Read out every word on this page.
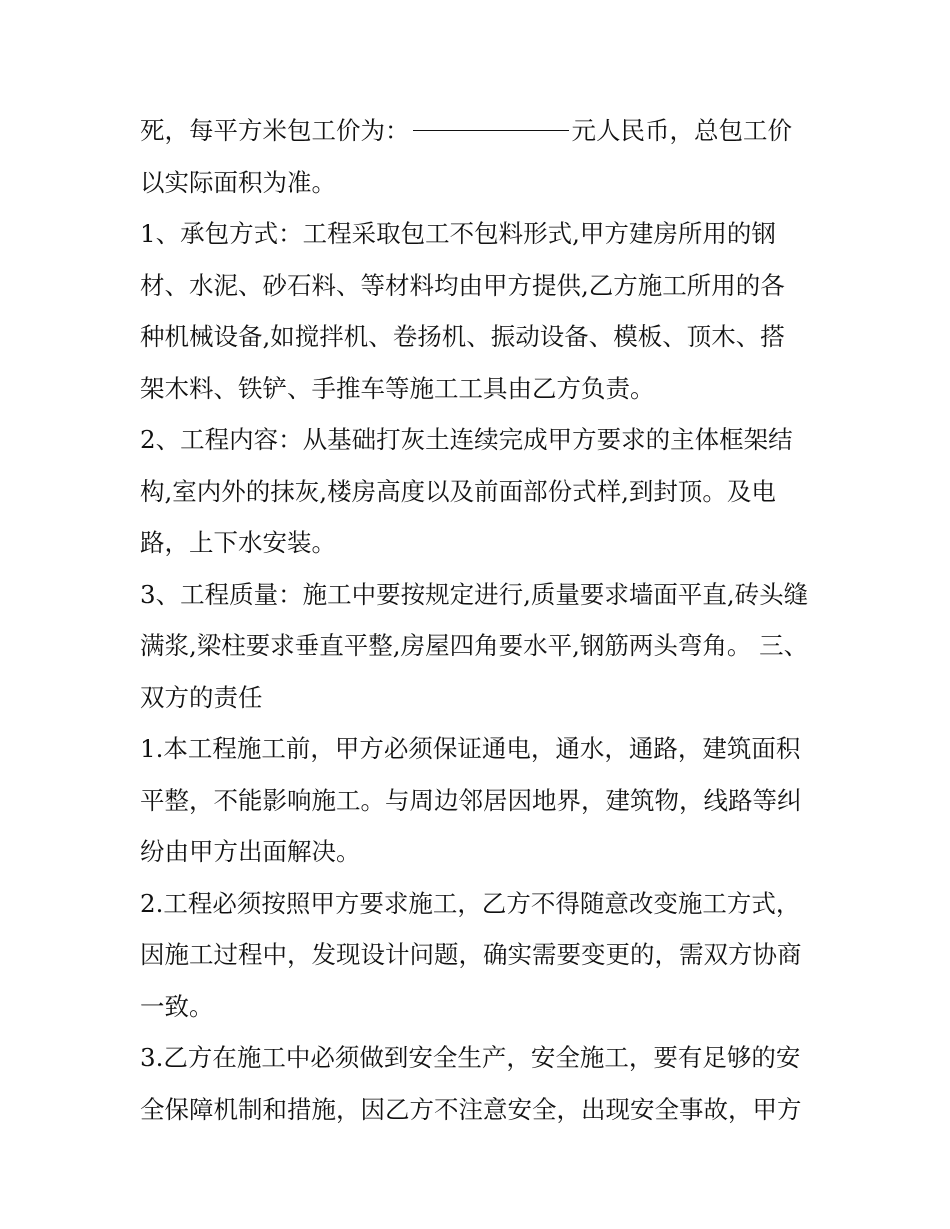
死，每平方米包工价为：	元人民币，总包工价
以实际面积为准。
1、承包方式：工程采取包工不包料形式,甲方建房所用的钢
材、水泥、砂石料、等材料均由甲方提供,乙方施工所用的各
种机械设备,如搅拌机、卷扬机、振动设备、模板、顶木、搭
架木料、铁铲、手推车等施工工具由乙方负责。
2、工程内容：从基础打灰土连续完成甲方要求的主体框架结
构,室内外的抹灰,楼房高度以及前面部份式样,到封顶。及电
路，上下水安装。
3、工程质量：施工中要按规定进行,质量要求墙面平直,砖头缝
满浆,梁柱要求垂直平整,房屋四角要水平,钢筋两头弯角。 三、
双方的责任
1.本工程施工前，甲方必须保证通电，通水，通路，建筑面积
平整，不能影响施工。与周边邻居因地界，建筑物，线路等纠
纷由甲方出面解决。
2.工程必须按照甲方要求施工，乙方不得随意改变施工方式，
因施工过程中，发现设计问题，确实需要变更的，需双方协商
一致。
3.乙方在施工中必须做到安全生产，安全施工，要有足够的安
全保障机制和措施，因乙方不注意安全，出现安全事故，甲方
